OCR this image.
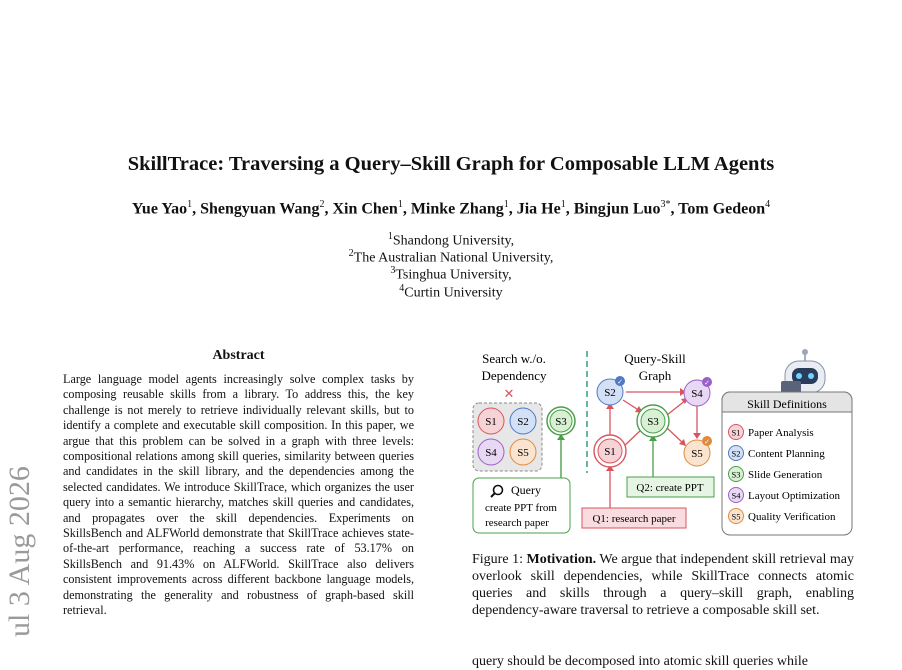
ul 3 Aug 2026
SkillTrace: Traversing a Query–Skill Graph for Composable LLM Agents
Yue Yao$^1$, Shengyuan Wang$^2$, Xin Chen$^1$, Minke Zhang$^1$, Jia He$^1$, Bingjun Luo$^{3*}$, Tom Gedeon$^4$
$^1$Shandong University,
$^2$The Australian National University,
$^3$Tsinghua University,
$^4$Curtin University
Abstract
Large language model agents increasingly solve complex tasks by composing reusable skills from a library. To address this, the key challenge is not merely to retrieve individually relevant skills, but to identify a complete and executable skill composition. In this paper, we argue that this problem can be solved in a graph with three levels: compositional relations among skill queries, similarity between queries and candidates in the skill library, and the dependencies among the selected candidates. We introduce SkillTrace, which organizes the user query into a semantic hierarchy, matches skill queries and candidates, and propagates over the skill dependencies. Experiments on SkillsBench and ALFWorld demonstrate that SkillTrace achieves state-of-the-art performance, reaching a success rate of 53.17% on SkillsBench and 91.43% on ALFWorld. SkillTrace also delivers consistent improvements across different backbone language models, demonstrating the generality and robustness of graph-based skill retrieval.
Search w./o.
Dependency
✕
S1 S2
S4 S5
S3
Query
create PPT from
research paper
Query-Skill
Graph
S2
✓
S4
✓
S3
S1	S5
✓
Q2: create PPT
Q1: research paper
Skill Definitions
S1 Paper Analysis
S2 Content Planning
S3 Slide Generation
S4 Layout Optimization
S5 Quality Verification
Figure 1: Motivation. We argue that independent skill retrieval may overlook skill dependencies, while SkillTrace connects atomic queries and skills through a query–skill graph, enabling dependency-aware traversal to retrieve a composable skill set.
query should be decomposed into atomic skill queries while
